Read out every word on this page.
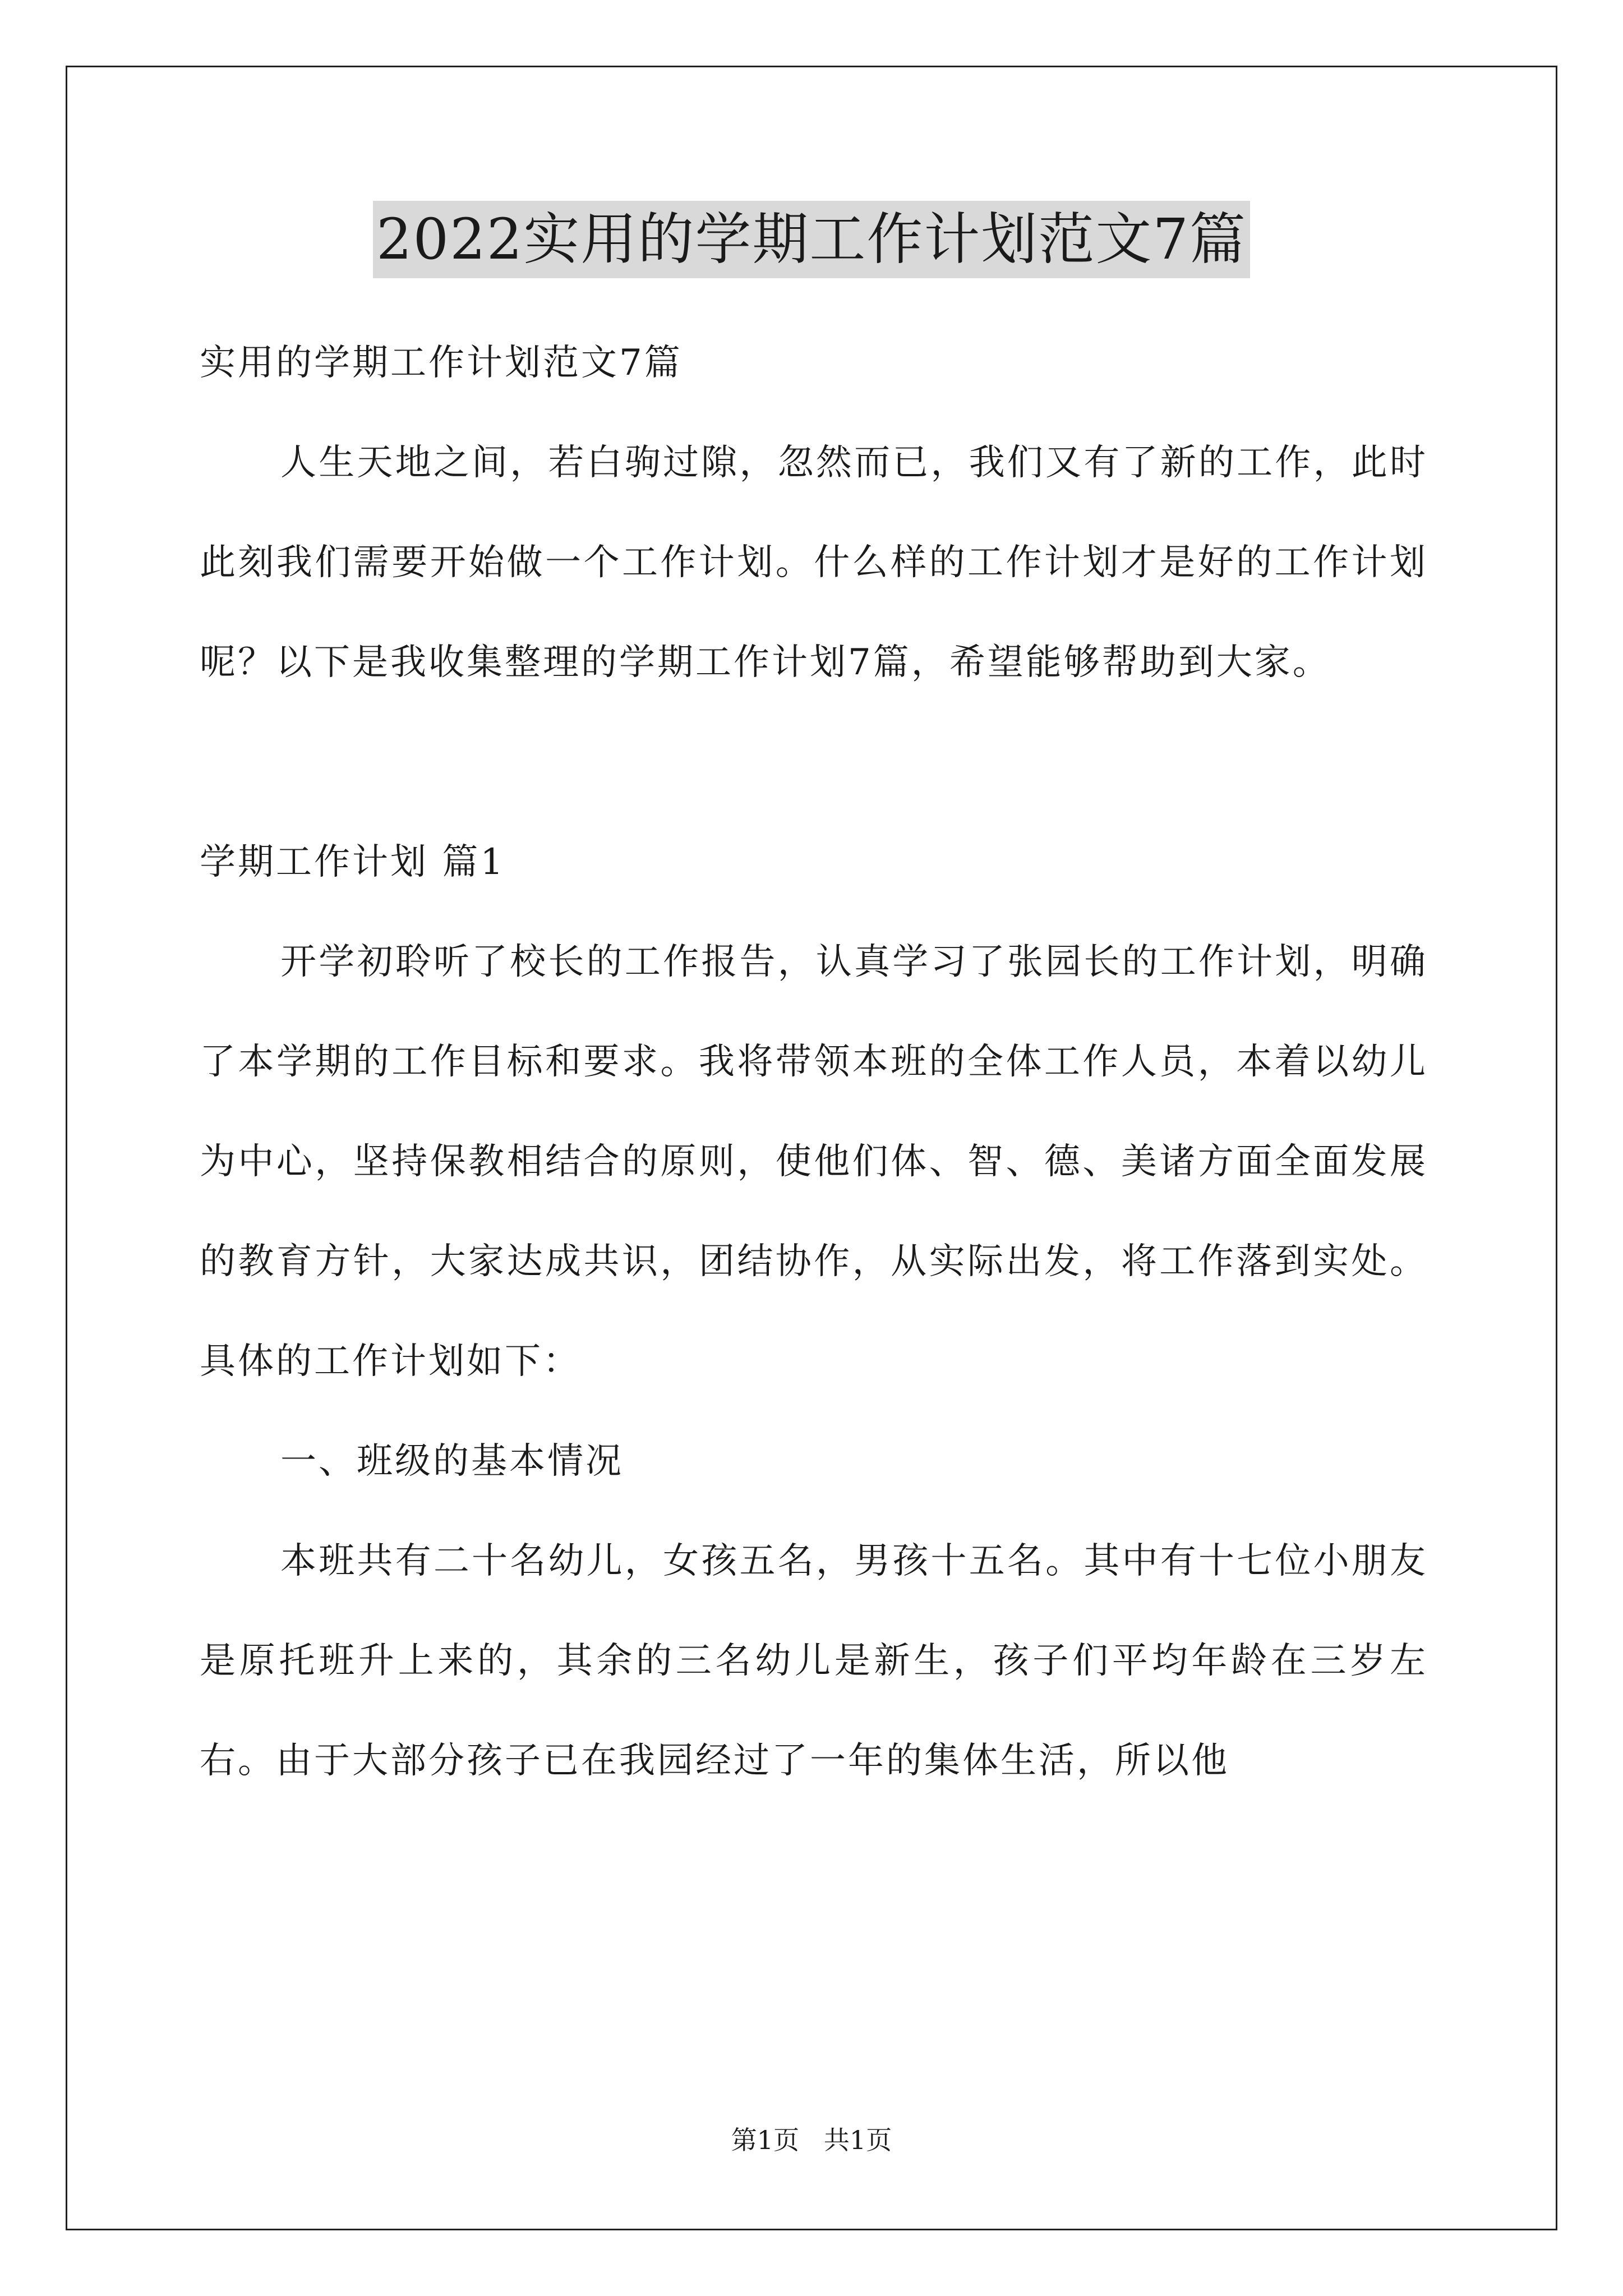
2022实用的学期工作计划范文7篇

实用的学期工作计划范文7篇

人生天地之间，若白驹过隙，忽然而已，我们又有了新的工作，此时此刻我们需要开始做一个工作计划。什么样的工作计划才是好的工作计划呢？以下是我收集整理的学期工作计划7篇，希望能够帮助到大家。

学期工作计划 篇1

开学初聆听了校长的工作报告，认真学习了张园长的工作计划，明确了本学期的工作目标和要求。我将带领本班的全体工作人员，本着以幼儿为中心，坚持保教相结合的原则，使他们体、智、德、美诸方面全面发展的教育方针，大家达成共识，团结协作，从实际出发，将工作落到实处。具体的工作计划如下：

一、班级的基本情况

本班共有二十名幼儿，女孩五名，男孩十五名。其中有十七位小朋友是原托班升上来的，其余的三名幼儿是新生，孩子们平均年龄在三岁左右。由于大部分孩子已在我园经过了一年的集体生活，所以他

第1页   共1页
